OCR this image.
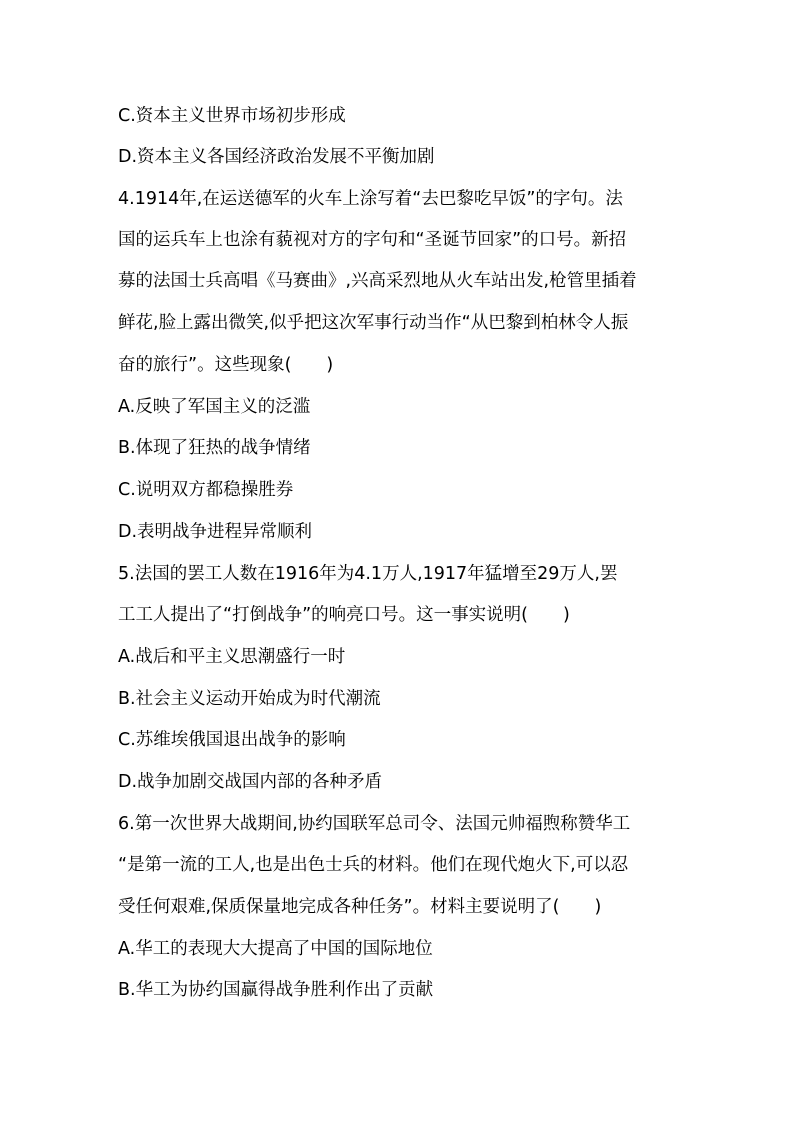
C.资本主义世界市场初步形成
D.资本主义各国经济政治发展不平衡加剧
4.1914年,在运送德军的火车上涂写着“去巴黎吃早饭”的字句。法
国的运兵车上也涂有藐视对方的字句和“圣诞节回家”的口号。新招
募的法国士兵高唱《马赛曲》,兴高采烈地从火车站出发,枪管里插着
鲜花,脸上露出微笑,似乎把这次军事行动当作“从巴黎到柏林令人振
奋的旅行”。这些现象(　　)
A.反映了军国主义的泛滥
B.体现了狂热的战争情绪
C.说明双方都稳操胜券
D.表明战争进程异常顺利
5.法国的罢工人数在1916年为4.1万人,1917年猛增至29万人,罢
工工人提出了“打倒战争”的响亮口号。这一事实说明(　　)
A.战后和平主义思潮盛行一时
B.社会主义运动开始成为时代潮流
C.苏维埃俄国退出战争的影响
D.战争加剧交战国内部的各种矛盾
6.第一次世界大战期间,协约国联军总司令、法国元帅福煦称赞华工
“是第一流的工人,也是出色士兵的材料。他们在现代炮火下,可以忍
受任何艰难,保质保量地完成各种任务”。材料主要说明了(　　)
A.华工的表现大大提高了中国的国际地位
B.华工为协约国赢得战争胜利作出了贡献
